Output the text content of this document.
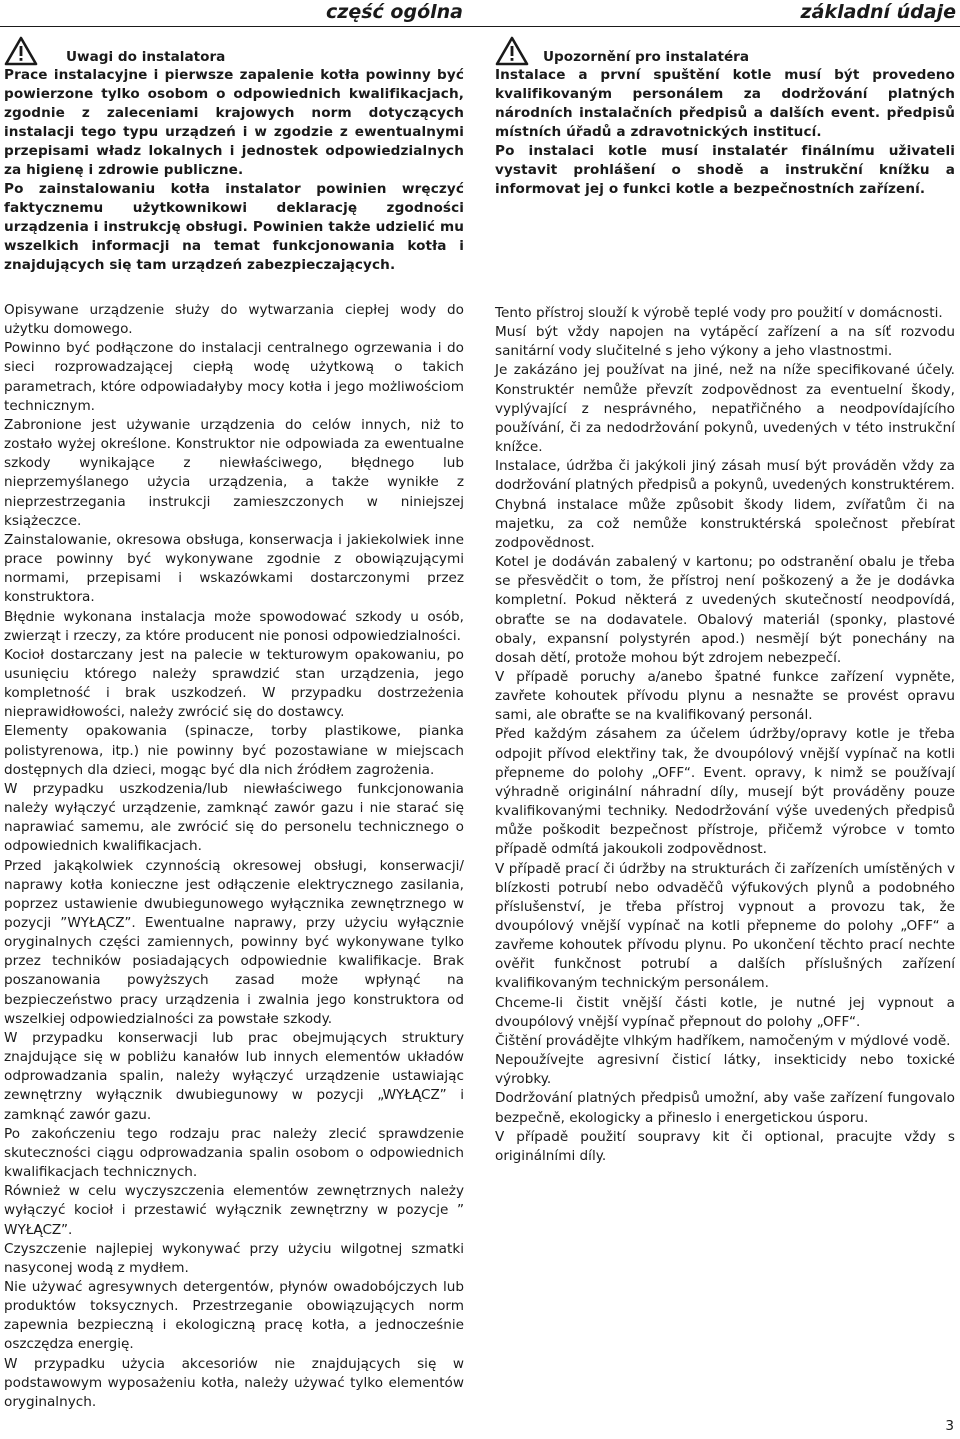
część ogólna	základní údaje
Uwagi do instalatora

Prace instalacyjne i pierwsze zapalenie kotła powinny być powierzone tylko osobom o odpowiednich kwalifikacjach, zgodnie z zaleceniami krajowych norm dotyczących instalacji tego typu urządzeń i w zgodzie z ewentualnymi przepisami władz lokalnych i jednostek odpowiedzialnych za higienę i zdrowie publiczne.

Po zainstalowaniu kotła instalator powinien wręczyć faktycznemu użytkownikowi deklarację zgodności urządzenia i instrukcję obsługi. Powinien także udzielić mu wszelkich informacji na temat funkcjonowania kotła i znajdujących się tam urządzeń zabezpieczających.

Opisywane urządzenie służy do wytwarzania ciepłej wody do użytku domowego.

Powinno być podłączone do instalacji centralnego ogrzewania i do sieci rozprowadzającej ciepłą wodę użytkową o takich parametrach, które odpowiadałyby mocy kotła i jego możliwościom technicznym.

Zabronione jest używanie urządzenia do celów innych, niż to zostało wyżej określone. Konstruktor nie odpowiada za ewentualne szkody wynikające z niewłaściwego, błędnego lub nieprzemyślanego użycia urządzenia, a także wynikłe z nieprzestrzegania instrukcji zamieszczonych w niniejszej książeczce.

Zainstalowanie, okresowa obsługa, konserwacja i jakiekolwiek inne prace powinny być wykonywane zgodnie z obowiązującymi normami, przepisami i wskazówkami dostarczonymi przez konstruktora.

Błędnie wykonana instalacja może spowodować szkody u osób, zwierząt i rzeczy, za które producent nie ponosi odpowiedzialności.

Kocioł dostarczany jest na palecie w tekturowym opakowaniu, po usunięciu którego należy sprawdzić stan urządzenia, jego kompletność i brak uszkodzeń. W przypadku dostrzeżenia nieprawidłowości, należy zwrócić się do dostawcy.

Elementy opakowania (spinacze, torby plastikowe, pianka polistyrenowa, itp.) nie powinny być pozostawiane w miejscach dostępnych dla dzieci, mogąc być dla nich źródłem zagrożenia.

W przypadku uszkodzenia/lub niewłaściwego funkcjonowania należy wyłączyć urządzenie, zamknąć zawór gazu i nie starać się naprawiać samemu, ale zwrócić się do personelu technicznego o odpowiednich kwalifikacjach.

Przed jakąkolwiek czynnością okresowej obsługi, konserwacji/ naprawy kotła konieczne jest odłączenie elektrycznego zasilania, poprzez ustawienie dwubiegunowego wyłącznika zewnętrznego w pozycji ”WYŁĄCZ”. Ewentualne naprawy, przy użyciu wyłącznie oryginalnych części zamiennych, powinny być wykonywane tylko przez techników posiadających odpowiednie kwalifikacje. Brak poszanowania powyższych zasad może wpłynąć na bezpieczeństwo pracy urządzenia i zwalnia jego konstruktora od wszelkiej odpowiedzialności za powstałe szkody.

W przypadku konserwacji lub prac obejmujących struktury znajdujące się w pobliżu kanałów lub innych elementów układów odprowadzania spalin, należy wyłączyć urządzenie ustawiając zewnętrzny wyłącznik dwubiegunowy w pozycji „WYŁĄCZ” i zamknąć zawór gazu.

Po zakończeniu tego rodzaju prac należy zlecić sprawdzenie skuteczności ciągu odprowadzania spalin osobom o odpowiednich kwalifikacjach technicznych.

Również w celu wyczyszczenia elementów zewnętrznych należy wyłączyć kocioł i przestawić wyłącznik zewnętrzny w pozycje ” WYŁĄCZ”.

Czyszczenie najlepiej wykonywać przy użyciu wilgotnej szmatki nasyconej wodą z mydłem.

Nie używać agresywnych detergentów, płynów owadobójczych lub produktów toksycznych. Przestrzeganie obowiązujących norm zapewnia bezpieczną i ekologiczną pracę kotła, a jednocześnie oszczędza energię.

W przypadku użycia akcesoriów nie znajdujących się w podstawowym wyposażeniu kotła, należy używać tylko elementów oryginalnych.

Upozornění pro instalatéra

Instalace a první spuštění kotle musí být provedeno kvalifikovaným personálem za dodržování platných národních instalačních předpisů a dalších event. předpisů místních úřadů a zdravotnických institucí.

Po instalaci kotle musí instalatér finálnímu uživateli vystavit prohlášení o shodě a instrukční knížku a informovat jej o funkci kotle a bezpečnostních zařízení.

Tento přístroj slouží k výrobě teplé vody pro použití v domácnosti.

Musí být vždy napojen na vytápěcí zařízení a na síť rozvodu sanitární vody slučitelné s jeho výkony a jeho vlastnostmi.

Je zakázáno jej používat na jiné, než na níže specifikované účely. Konstruktér nemůže převzít zodpovědnost za eventuelní škody, vyplývající z nesprávného, nepatřičného a neodpovídajícího používání, či za nedodržování pokynů, uvedených v této instrukční knížce.

Instalace, údržba či jakýkoli jiný zásah musí být prováděn vždy za dodržování platných předpisů a pokynů, uvedených konstruktérem.

Chybná instalace může způsobit škody lidem, zvířatům či na majetku, za což nemůže konstruktérská společnost přebírat zodpovědnost.

Kotel je dodáván zabalený v kartonu; po odstranění obalu je třeba se přesvědčit o tom, že přístroj není poškozený a že je dodávka kompletní. Pokud některá z uvedených skutečností neodpovídá, obraťte se na dodavatele. Obalový materiál (sponky, plastové obaly, expansní polystyrén apod.) nesmějí být ponechány na dosah dětí, protože mohou být zdrojem nebezpečí.

V případě poruchy a/anebo špatné funkce zařízení vypněte, zavřete kohoutek přívodu plynu a nesnažte se provést opravu sami, ale obraťte se na kvalifikovaný personál.

Před každým zásahem za účelem údržby/opravy kotle je třeba odpojit přívod elektřiny tak, že dvoupólový vnější vypínač na kotli přepneme do polohy „OFF“. Event. opravy, k nimž se používají výhradně originální náhradní díly, musejí být prováděny pouze kvalifikovanými techniky. Nedodržování výše uvedených předpisů může poškodit bezpečnost přístroje, přičemž výrobce v tomto případě odmítá jakoukoli zodpovědnost.

V případě prací či údržby na strukturách či zařízeních umístěných v blízkosti potrubí nebo odvaděčů výfukových plynů a podobného příslušenství, je třeba přístroj vypnout a provozu tak, že dvoupólový vnější vypínač na kotli přepneme do polohy „OFF“ a zavřeme kohoutek přívodu plynu. Po ukončení těchto prací nechte ověřit funkčnost potrubí a dalších příslušných zařízení kvalifikovaným technickým personálem.

Chceme-li čistit vnější části kotle, je nutné jej vypnout a dvoupólový vnější vypínač přepnout do polohy „OFF“.

Čištění provádějte vlhkým hadříkem, namočeným v mýdlové vodě.

Nepoužívejte agresivní čisticí látky, insekticidy nebo toxické výrobky.

Dodržování platných předpisů umožní, aby vaše zařízení fungovalo bezpečně, ekologicky a přineslo i energetickou úsporu.

V případě použití soupravy kit či optional, pracujte vždy s originálními díly.

3
